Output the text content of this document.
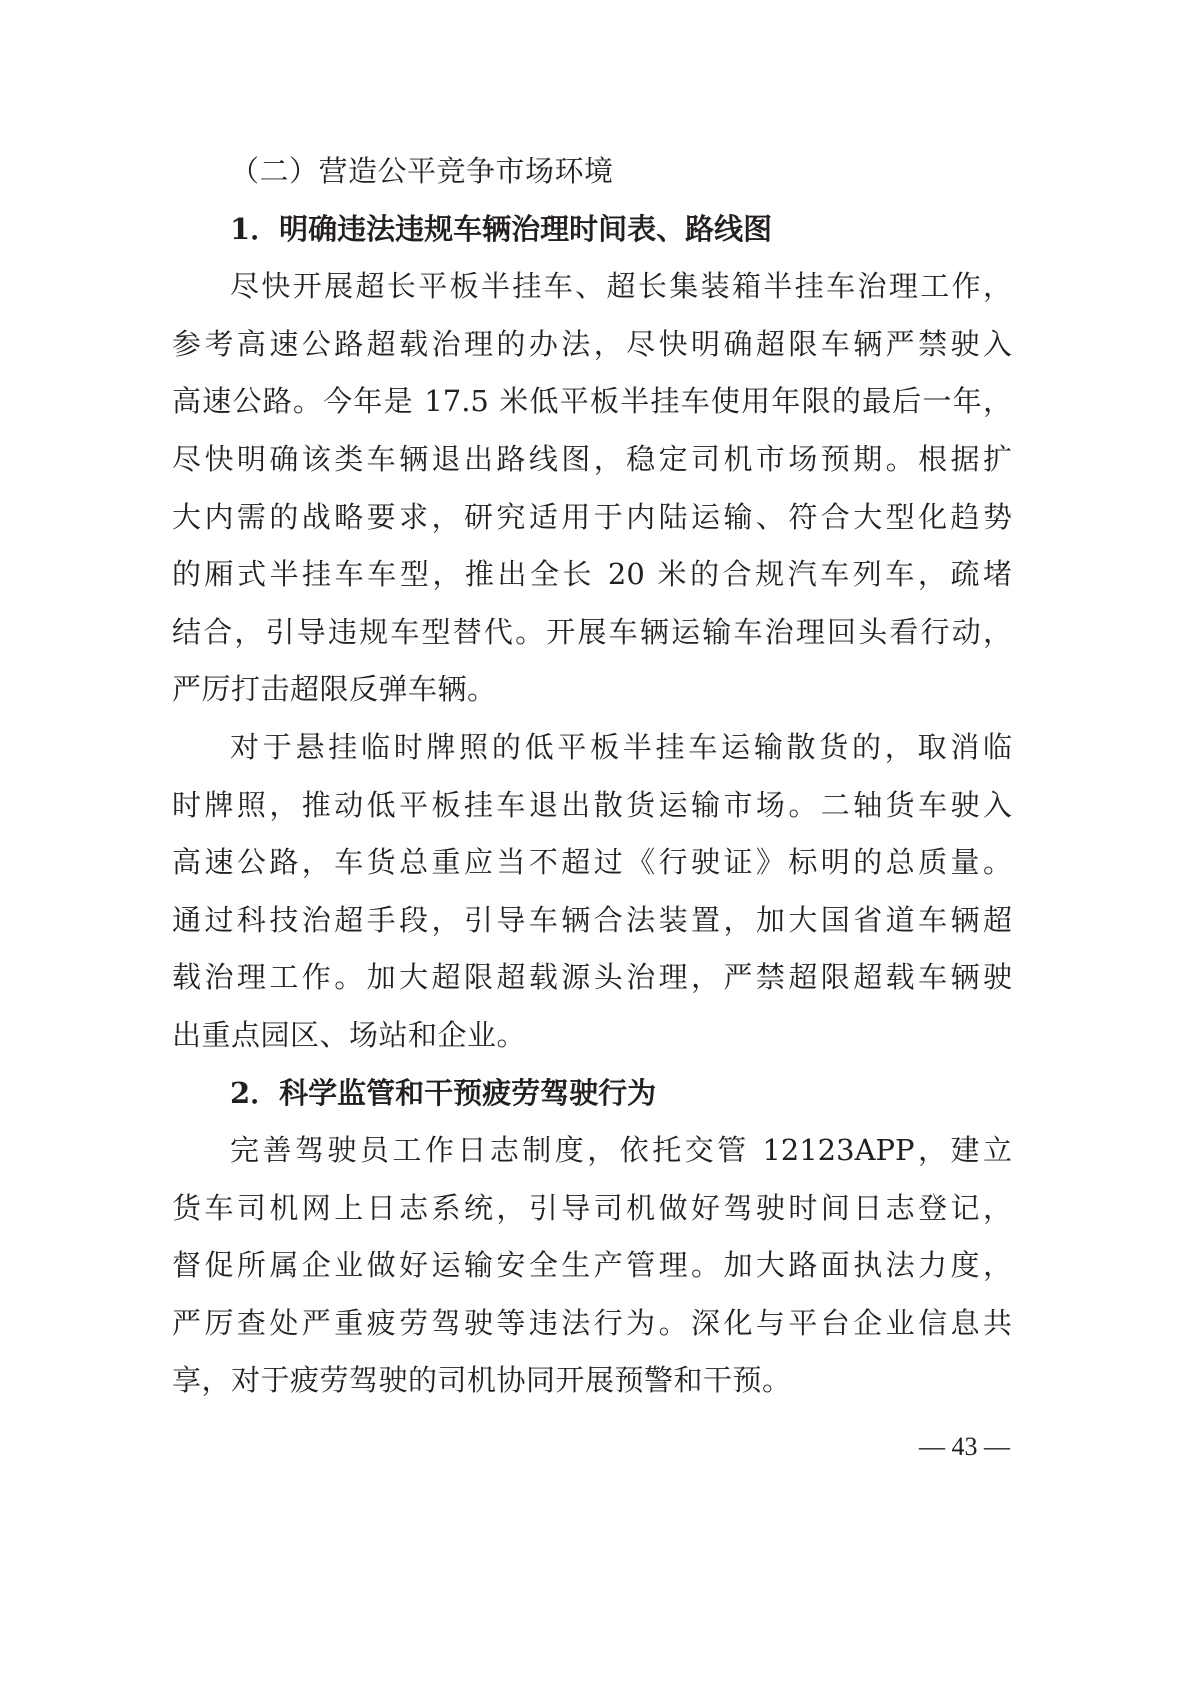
（二）营造公平竞争市场环境
1．明确违法违规车辆治理时间表、路线图
尽快开展超长平板半挂车、超长集装箱半挂车治理工作，
参考高速公路超载治理的办法，尽快明确超限车辆严禁驶入
高速公路。今年是 17.5 米低平板半挂车使用年限的最后一年，
尽快明确该类车辆退出路线图，稳定司机市场预期。根据扩
大内需的战略要求，研究适用于内陆运输、符合大型化趋势
的厢式半挂车车型，推出全长 20 米的合规汽车列车，疏堵
结合，引导违规车型替代。开展车辆运输车治理回头看行动，
严厉打击超限反弹车辆。
对于悬挂临时牌照的低平板半挂车运输散货的，取消临
时牌照，推动低平板挂车退出散货运输市场。二轴货车驶入
高速公路，车货总重应当不超过《行驶证》标明的总质量。
通过科技治超手段，引导车辆合法装置，加大国省道车辆超
载治理工作。加大超限超载源头治理，严禁超限超载车辆驶
出重点园区、场站和企业。
2．科学监管和干预疲劳驾驶行为
完善驾驶员工作日志制度，依托交管 12123APP，建立
货车司机网上日志系统，引导司机做好驾驶时间日志登记，
督促所属企业做好运输安全生产管理。加大路面执法力度，
严厉查处严重疲劳驾驶等违法行为。深化与平台企业信息共
享，对于疲劳驾驶的司机协同开展预警和干预。
— 43 —
